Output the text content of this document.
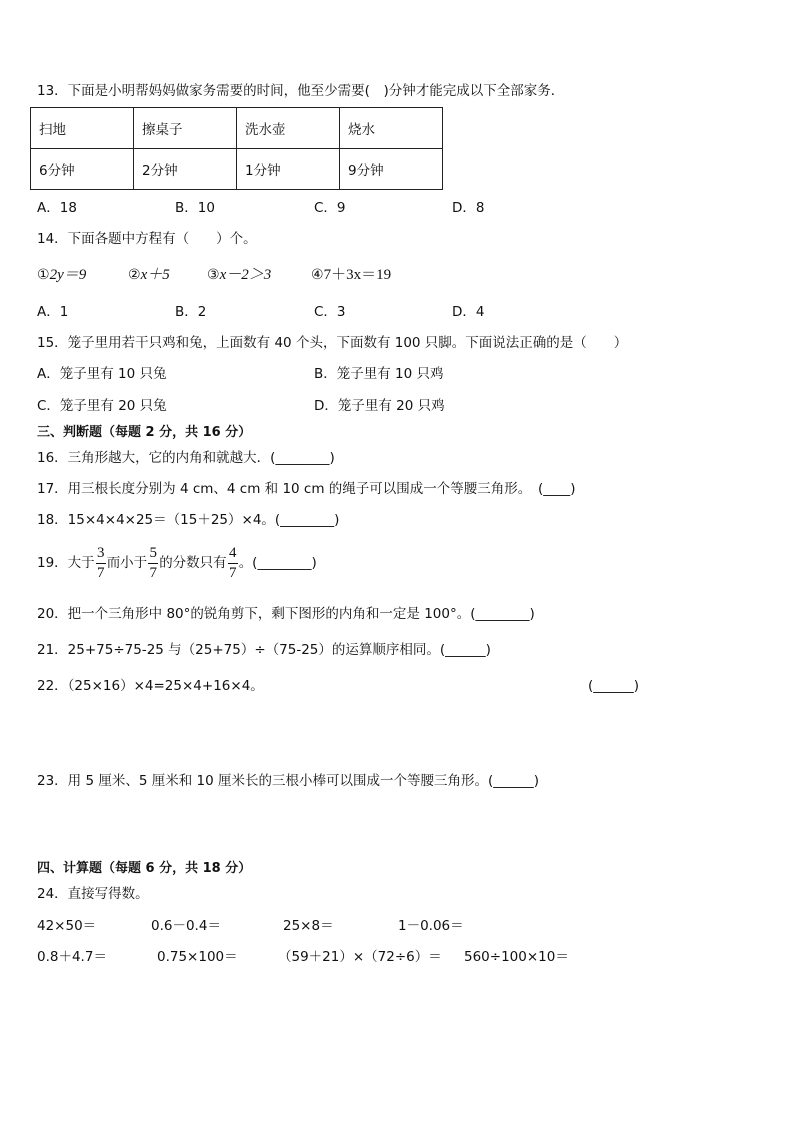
13．下面是小明帮妈妈做家务需要的时间，他至少需要(　)分钟才能完成以下全部家务．
扫地	擦桌子	洗水壶	烧水
6分钟	2分钟	1分钟	9分钟
A．18	B．10	C．9	D．8
14．下面各题中方程有（　　）个。
①2y＝9	②x＋5	③x－2＞3	④7＋3x＝19
A．1	B．2	C．3	D．4
15．笼子里用若干只鸡和兔，上面数有 40 个头，下面数有 100 只脚。下面说法正确的是（　　）
A．笼子里有 10 只兔	B．笼子里有 10 只鸡
C．笼子里有 20 只兔	D．笼子里有 20 只鸡
三、判断题（每题 2 分，共 16 分）
16．三角形越大，它的内角和就越大．(________)
17．用三根长度分别为 4 cm、4 cm 和 10 cm 的绳子可以围成一个等腰三角形。　(____)
18．15×4×4×25＝（15＋25）×4。(________)
19．大于 $\frac{3}{7}$ 而小于 $\frac{5}{7}$ 的分数只有 $\frac{4}{7}$ 。(________)
20．把一个三角形中 80°的锐角剪下，剩下图形的内角和一定是 100°。(________)
21．25+75÷75-25 与（25+75）÷（75-25）的运算顺序相同。(______)
22．（25×16）×4=25×4+16×4。	(______)
23．用 5 厘米、5 厘米和 10 厘米长的三根小棒可以围成一个等腰三角形。(______)
四、计算题（每题 6 分，共 18 分）
24．直接写得数。
42×50＝	0.6－0.4＝	25×8＝	1－0.06＝
0.8＋4.7＝	0.75×100＝	（59＋21）×（72÷6）＝ 560÷100×10＝
